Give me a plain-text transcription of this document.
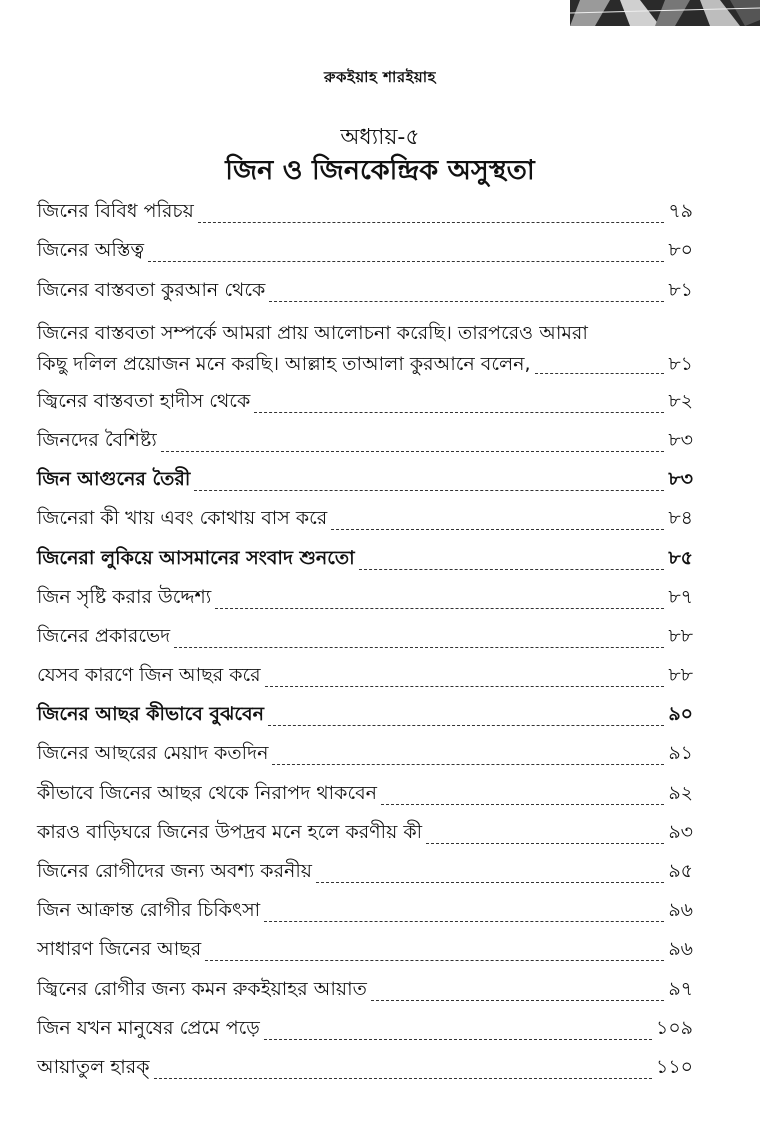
রুকইয়াহ শারইয়াহ
অধ্যায়-৫
জিন ও জিনকেন্দ্রিক অসুস্থতা
জিনের বিবিধ পরিচয়	৭৯
জিনের অস্তিত্ব	৮০
জিনের বাস্তবতা কুরআন থেকে	৮১
জিনের বাস্তবতা সম্পর্কে আমরা প্রায় আলোচনা করেছি। তারপরেও আমরা
কিছু দলিল প্রয়োজন মনে করছি। আল্লাহ তাআলা কুরআনে বলেন,	৮১
জ্বিনের বাস্তবতা হাদীস থেকে	৮২
জিনদের বৈশিষ্ট্য	৮৩
জিন আগুনের তৈরী	৮৩
জিনেরা কী খায় এবং কোথায় বাস করে	৮৪
জিনেরা লুকিয়ে আসমানের সংবাদ শুনতো	৮৫
জিন সৃষ্টি করার উদ্দেশ্য	৮৭
জিনের প্রকারভেদ	৮৮
যেসব কারণে জিন আছর করে	৮৮
জিনের আছর কীভাবে বুঝবেন	৯০
জিনের আছরের মেয়াদ কতদিন	৯১
কীভাবে জিনের আছর থেকে নিরাপদ থাকবেন	৯২
কারও বাড়িঘরে জিনের উপদ্রব মনে হলে করণীয় কী	৯৩
জিনের রোগীদের জন্য অবশ্য করনীয়	৯৫
জিন আক্রান্ত রোগীর চিকিৎসা	৯৬
সাধারণ জিনের আছর	৯৬
জ্বিনের রোগীর জন্য কমন রুকইয়াহর আয়াত	৯৭
জিন যখন মানুষের প্রেমে পড়ে	১০৯
আয়াতুল হারক্	১১০
